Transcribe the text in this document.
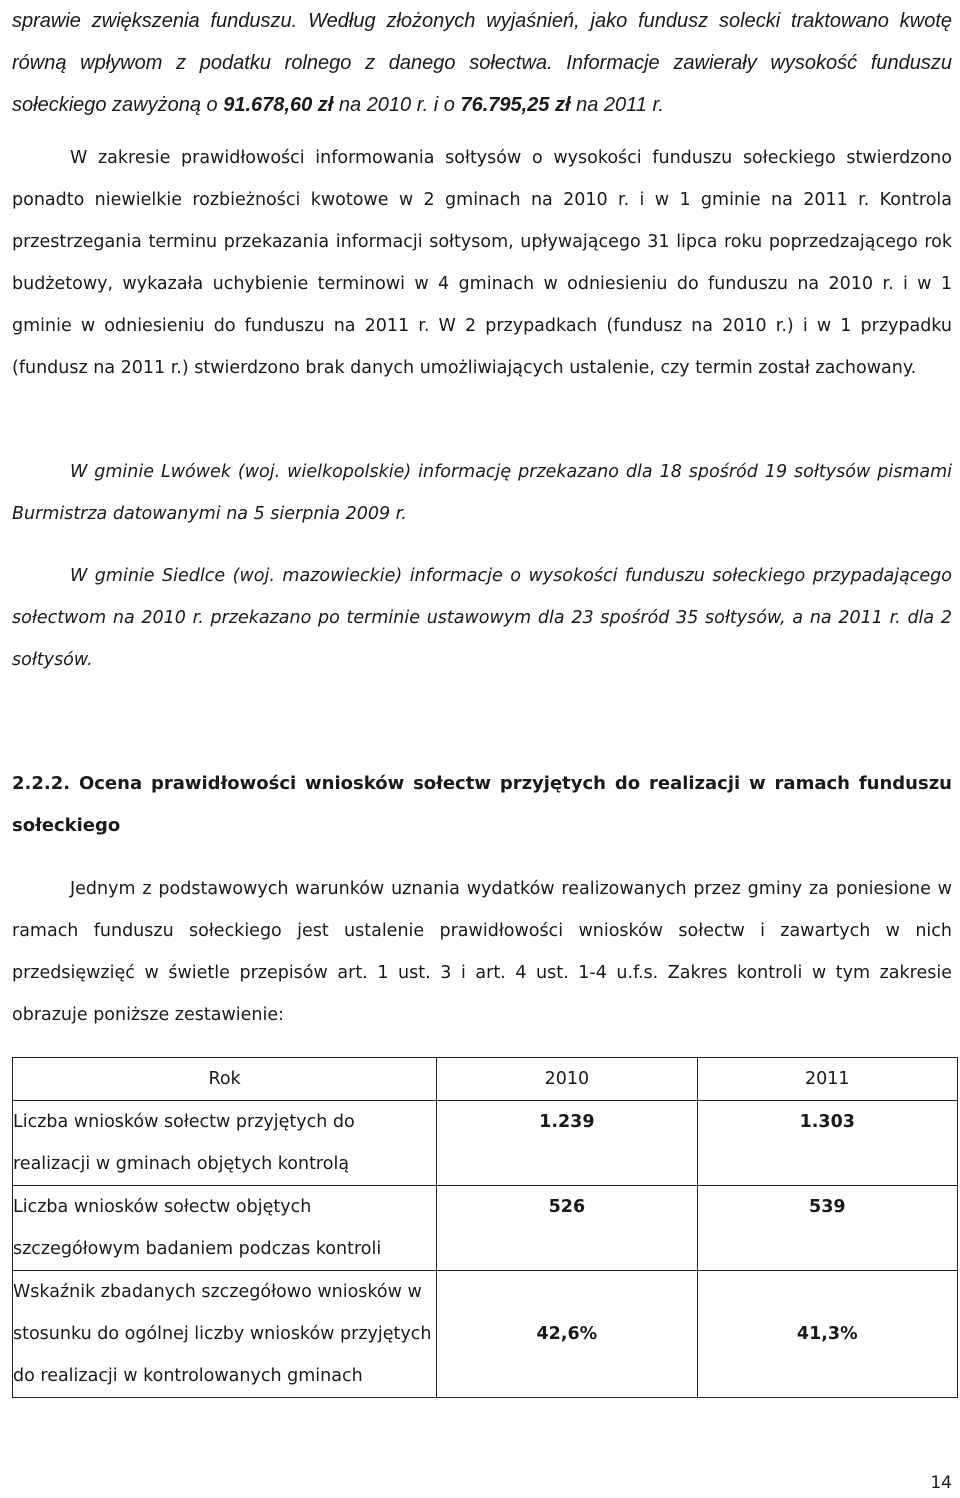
sprawie zwiększenia funduszu. Według złożonych wyjaśnień, jako fundusz solecki traktowano kwotę równą wpływom z podatku rolnego z danego sołectwa. Informacje zawierały wysokość funduszu sołeckiego zawyżoną o 91.678,60 zł na 2010 r. i o 76.795,25 zł na 2011 r.

W zakresie prawidłowości informowania sołtysów o wysokości funduszu sołeckiego stwierdzono ponadto niewielkie rozbieżności kwotowe w 2 gminach na 2010 r. i w 1 gminie na 2011 r. Kontrola przestrzegania terminu przekazania informacji sołtysom, upływającego 31 lipca roku poprzedzającego rok budżetowy, wykazała uchybienie terminowi w 4 gminach w odniesieniu do funduszu na 2010 r. i w 1 gminie w odniesieniu do funduszu na 2011 r. W 2 przypadkach (fundusz na 2010 r.) i w 1 przypadku (fundusz na 2011 r.) stwierdzono brak danych umożliwiających ustalenie, czy termin został zachowany.

W gminie Lwówek (woj. wielkopolskie) informację przekazano dla 18 spośród 19 sołtysów pismami Burmistrza datowanymi na 5 sierpnia 2009 r.

W gminie Siedlce (woj. mazowieckie) informacje o wysokości funduszu sołeckiego przypadającego sołectwom na 2010 r. przekazano po terminie ustawowym dla 23 spośród 35 sołtysów, a na 2011 r. dla 2 sołtysów.

2.2.2. Ocena prawidłowości wniosków sołectw przyjętych do realizacji w ramach funduszu sołeckiego

Jednym z podstawowych warunków uznania wydatków realizowanych przez gminy za poniesione w ramach funduszu sołeckiego jest ustalenie prawidłowości wniosków sołectw i zawartych w nich przedsięwzięć w świetle przepisów art. 1 ust. 3 i art. 4 ust. 1-4 u.f.s. Zakres kontroli w tym zakresie obrazuje poniższe zestawienie:

Rok	2010	2011
Liczba wniosków sołectw przyjętych do realizacji w gminach objętych kontrolą	1.239	1.303
Liczba wniosków sołectw objętych szczegółowym badaniem podczas kontroli	526	539
Wskaźnik zbadanych szczegółowo wniosków w stosunku do ogólnej liczby wniosków przyjętych do realizacji w kontrolowanych gminach	42,6%	41,3%
14
